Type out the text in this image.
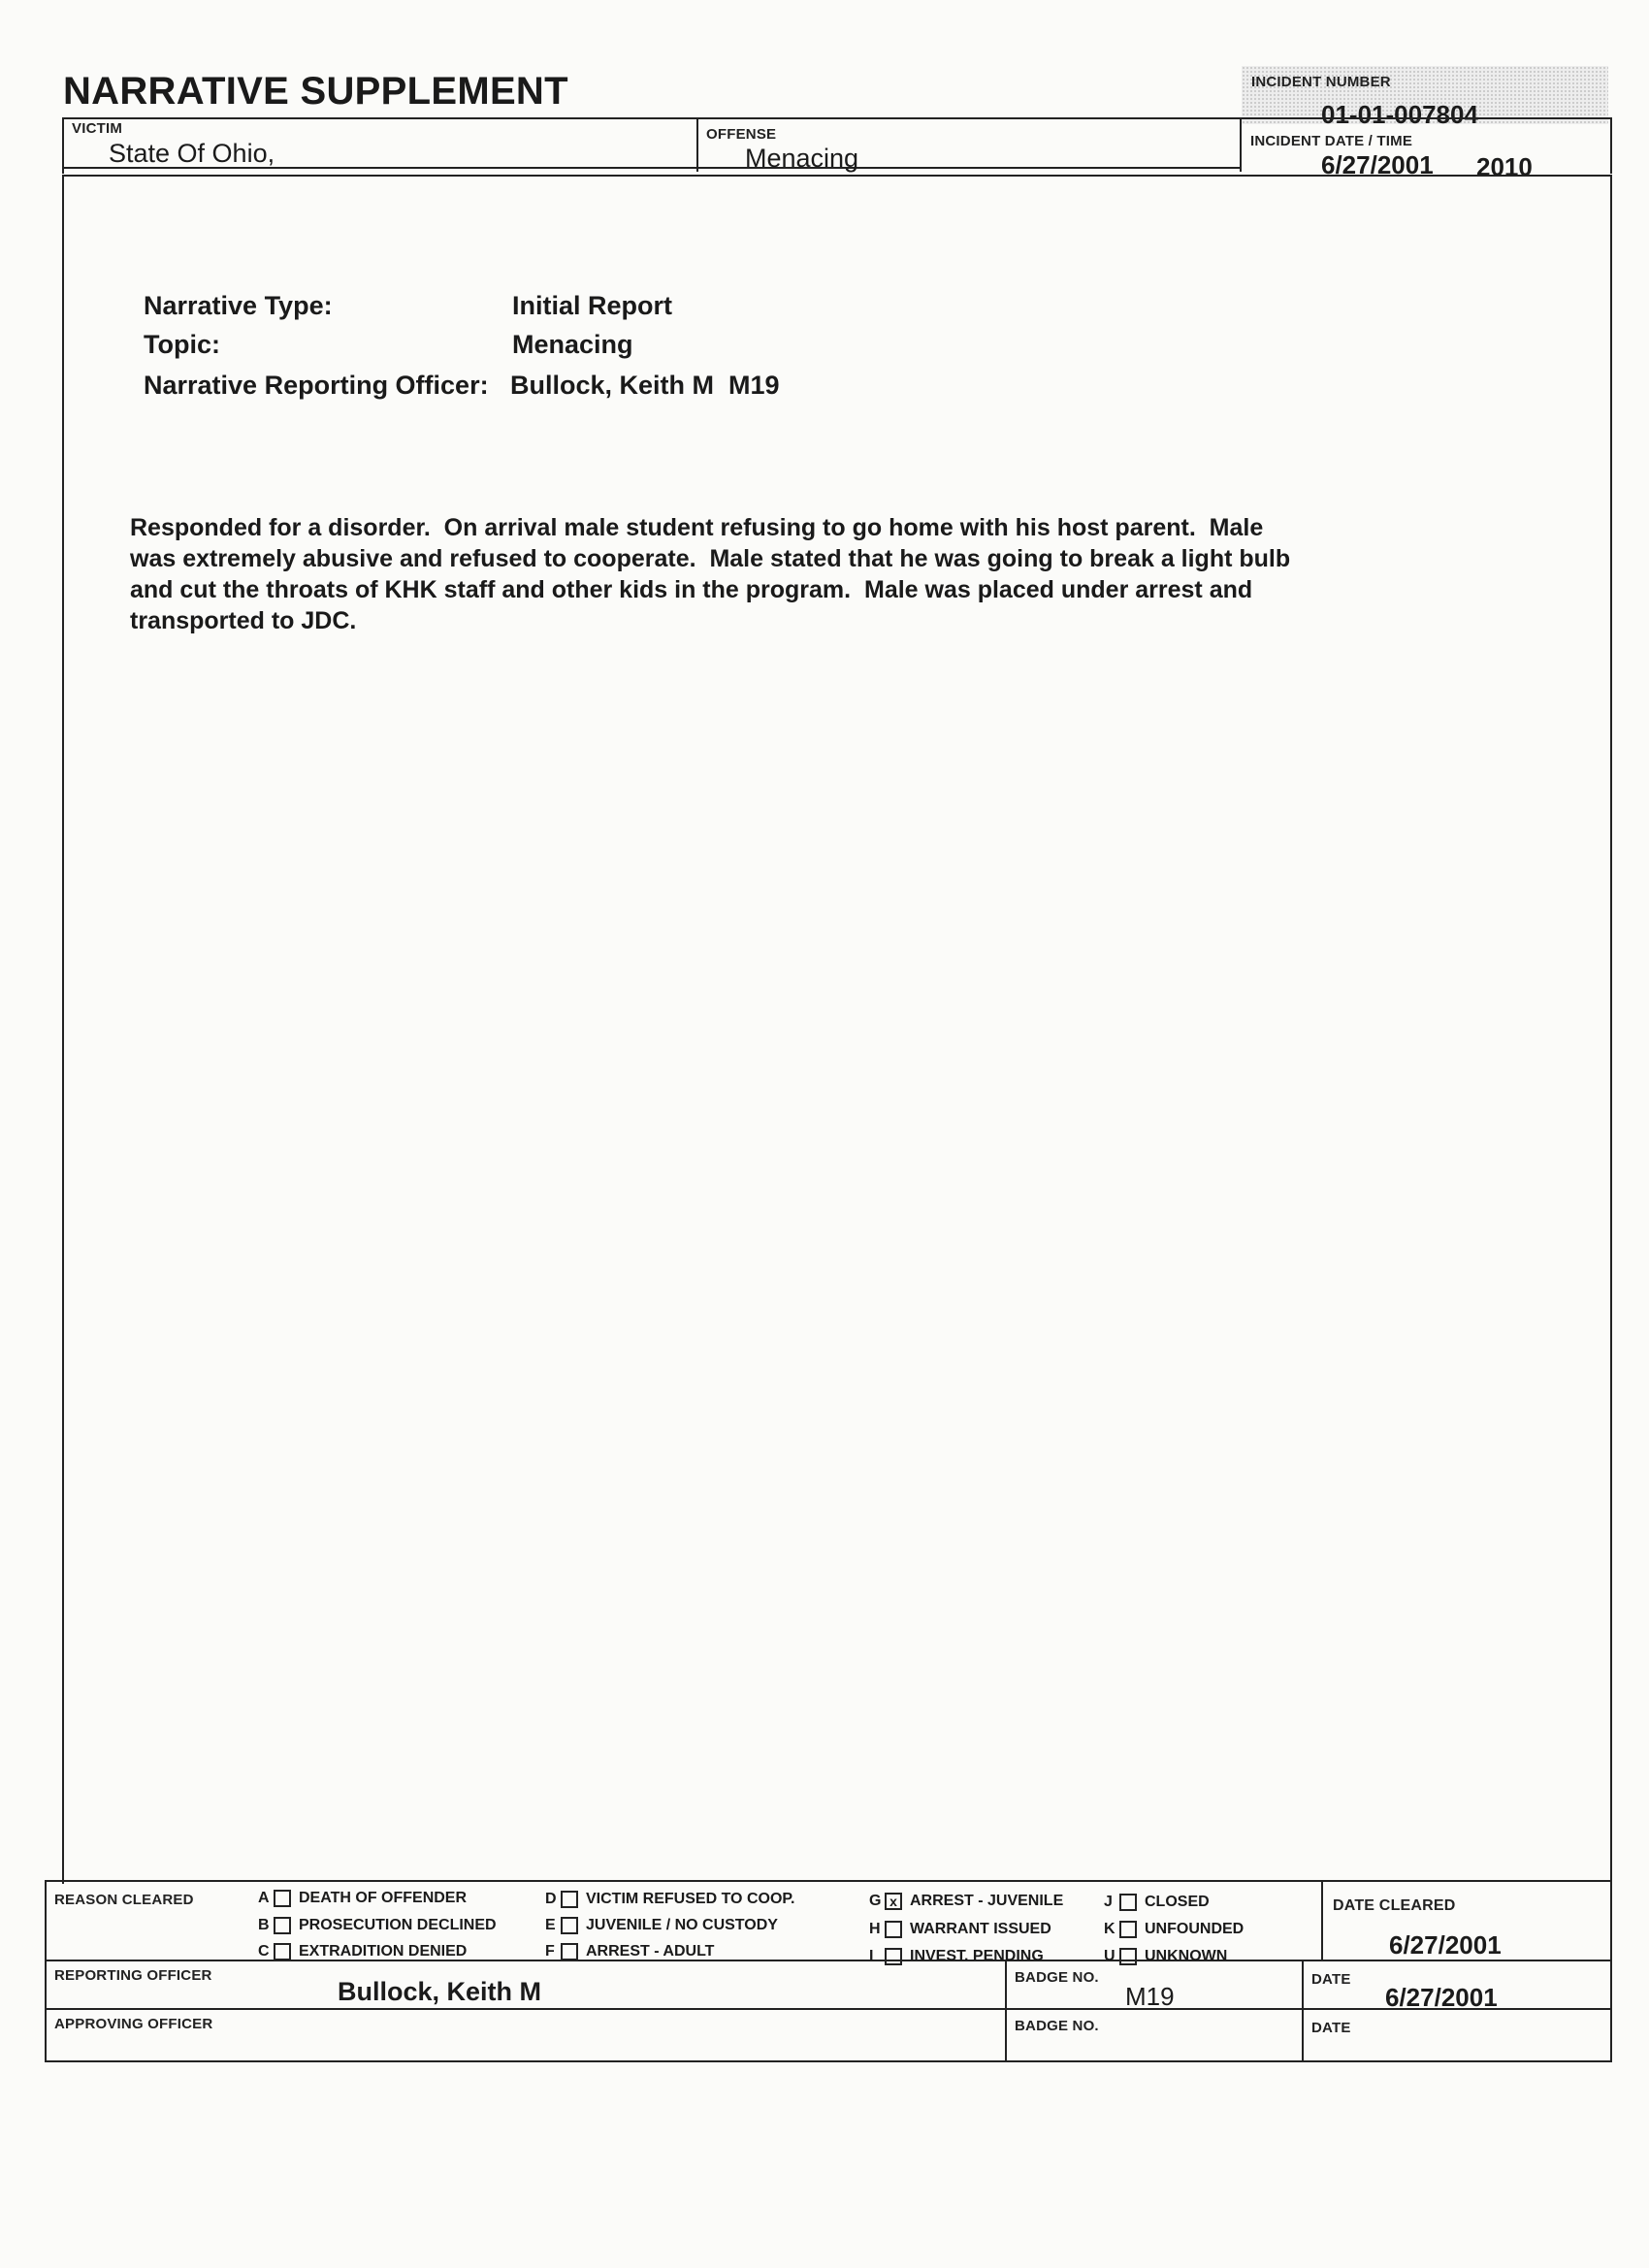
NARRATIVE SUPPLEMENT	INCIDENT NUMBER
01-01-007804
VICTIM
State Of Ohio,
OFFENSE
Menacing
INCIDENT DATE / TIME
6/27/2001 2010
Narrative Type:	Initial Report
Topic:	Menacing
Narrative Reporting Officer: Bullock, Keith M  M19
Responded for a disorder.  On arrival male student refusing to go home with his host parent.  Male
was extremely abusive and refused to cooperate.  Male stated that he was going to break a light bulb
and cut the throats of KHK staff and other kids in the program.  Male was placed under arrest and
transported to JDC.
REASON CLEARED	A DEATH OF OFFENDER
B PROSECUTION DECLINED
C EXTRADITION DENIED
D VICTIM REFUSED TO COOP.
E	JUVENILE / NO CUSTODY
F	ARREST - ADULT
G x ARREST - JUVENILE
H WARRANT ISSUED
I	INVEST. PENDING
J	CLOSED
K UNFOUNDED
U UNKNOWN
DATE CLEARED
6/27/2001
REPORTING OFFICER
Bullock, Keith M	BADGE NO.
M19
DATE
6/27/2001
APPROVING OFFICER	BADGE NO.	DATE
